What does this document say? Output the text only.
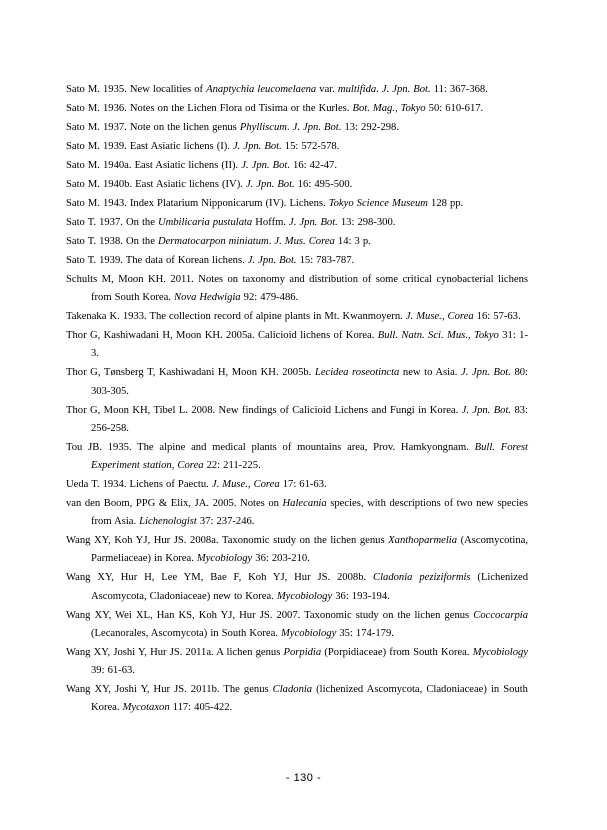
Sato M. 1935. New localities of Anaptychia leucomelaena var. multifida. J. Jpn. Bot. 11: 367-368.

Sato M. 1936. Notes on the Lichen Flora od Tisima or the Kurles. Bot. Mag., Tokyo 50: 610-617.

Sato M. 1937. Note on the lichen genus Phylliscum. J. Jpn. Bot. 13: 292-298.

Sato M. 1939. East Asiatic lichens (I). J. Jpn. Bot. 15: 572-578.

Sato M. 1940a. East Asiatic lichens (II). J. Jpn. Bot. 16: 42-47.

Sato M. 1940b. East Asiatic lichens (IV). J. Jpn. Bot. 16: 495-500.

Sato M. 1943. Index Platarium Nipponicarum (IV). Lichens. Tokyo Science Museum 128 pp.

Sato T. 1937. On the Umbilicaria pustulata Hoffm. J. Jpn. Bot. 13: 298-300.

Sato T. 1938. On the Dermatocarpon miniatum. J. Mus. Corea 14: 3 p.

Sato T. 1939. The data of Korean lichens. J. Jpn. Bot. 15: 783-787.

Schults M, Moon KH. 2011. Notes on taxonomy and distribution of some critical cynobacterial lichens from South Korea. Nova Hedwigia 92: 479-486.

Takenaka K. 1933. The collection record of alpine plants in Mt. Kwanmoyern. J. Muse., Corea 16: 57-63.

Thor G, Kashiwadani H, Moon KH. 2005a. Calicioid lichens of Korea. Bull. Natn. Sci. Mus., Tokyo 31: 1-3.

Thor G, Tønsberg T, Kashiwadani H, Moon KH. 2005b. Lecidea roseotincta new to Asia. J. Jpn. Bot. 80: 303-305.

Thor G, Moon KH, Tibel L. 2008. New findings of Calicioid Lichens and Fungi in Korea. J. Jpn. Bot. 83: 256-258.

Tou JB. 1935. The alpine and medical plants of mountains area, Prov. Hamkyongnam. Bull. Forest Experiment station, Corea 22: 211-225.

Ueda T. 1934. Lichens of Paectu. J. Muse., Corea 17: 61-63.

van den Boom, PPG & Elix, JA. 2005. Notes on Halecania species, with descriptions of two new species from Asia. Lichenologist 37: 237-246.

Wang XY, Koh YJ, Hur JS. 2008a. Taxonomic study on the lichen genus Xanthoparmelia (Ascomycotina, Parmeliaceae) in Korea. Mycobiology 36: 203-210.

Wang XY, Hur H, Lee YM, Bae F, Koh YJ, Hur JS. 2008b. Cladonia peziziformis (Lichenized Ascomycota, Cladoniaceae) new to Korea. Mycobiology 36: 193-194.

Wang XY, Wei XL, Han KS, Koh YJ, Hur JS. 2007. Taxonomic study on the lichen genus Coccocarpia (Lecanorales, Ascomycota) in South Korea. Mycobiology 35: 174-179.

Wang XY, Joshi Y, Hur JS. 2011a. A lichen genus Porpidia (Porpidiaceae) from South Korea. Mycobiology 39: 61-63.

Wang XY, Joshi Y, Hur JS. 2011b. The genus Cladonia (lichenized Ascomycota, Cladoniaceae) in South Korea. Mycotaxon 117: 405-422.

- 130 -
